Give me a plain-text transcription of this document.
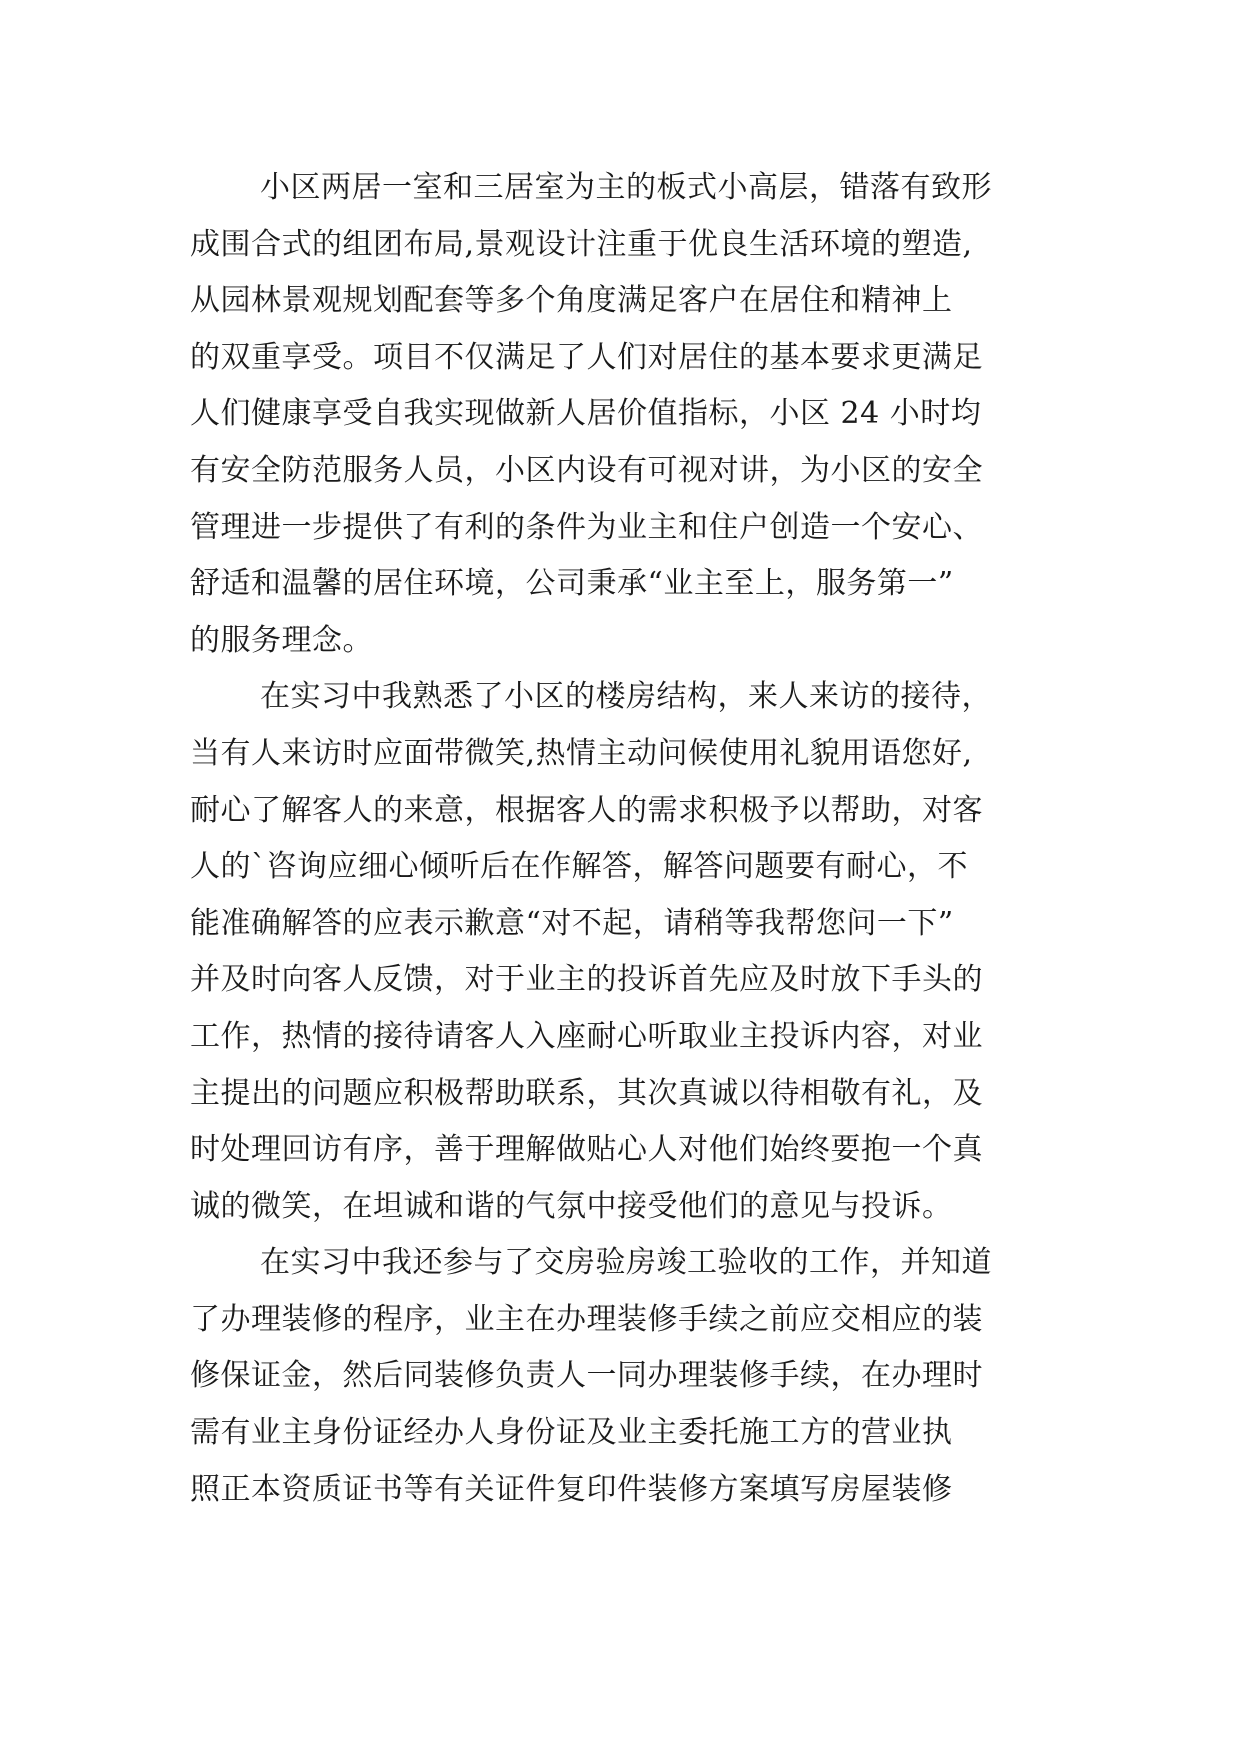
小区两居一室和三居室为主的板式小高层，错落有致形
成围合式的组团布局,景观设计注重于优良生活环境的塑造,
从园林景观规划配套等多个角度满足客户在居住和精神上
的双重享受。项目不仅满足了人们对居住的基本要求更满足
人们健康享受自我实现做新人居价值指标，小区 24 小时均
有安全防范服务人员，小区内设有可视对讲，为小区的安全
管理进一步提供了有利的条件为业主和住户创造一个安心、
舒适和温馨的居住环境，公司秉承“业主至上，服务第一”
的服务理念。

在实习中我熟悉了小区的楼房结构，来人来访的接待，
当有人来访时应面带微笑,热情主动问候使用礼貌用语您好,
耐心了解客人的来意，根据客人的需求积极予以帮助，对客
人的`咨询应细心倾听后在作解答，解答问题要有耐心，不
能准确解答的应表示歉意“对不起，请稍等我帮您问一下”
并及时向客人反馈，对于业主的投诉首先应及时放下手头的
工作，热情的接待请客人入座耐心听取业主投诉内容，对业
主提出的问题应积极帮助联系，其次真诚以待相敬有礼，及
时处理回访有序，善于理解做贴心人对他们始终要抱一个真
诚的微笑，在坦诚和谐的气氛中接受他们的意见与投诉。

在实习中我还参与了交房验房竣工验收的工作，并知道
了办理装修的程序，业主在办理装修手续之前应交相应的装
修保证金，然后同装修负责人一同办理装修手续，在办理时
需有业主身份证经办人身份证及业主委托施工方的营业执
照正本资质证书等有关证件复印件装修方案填写房屋装修
